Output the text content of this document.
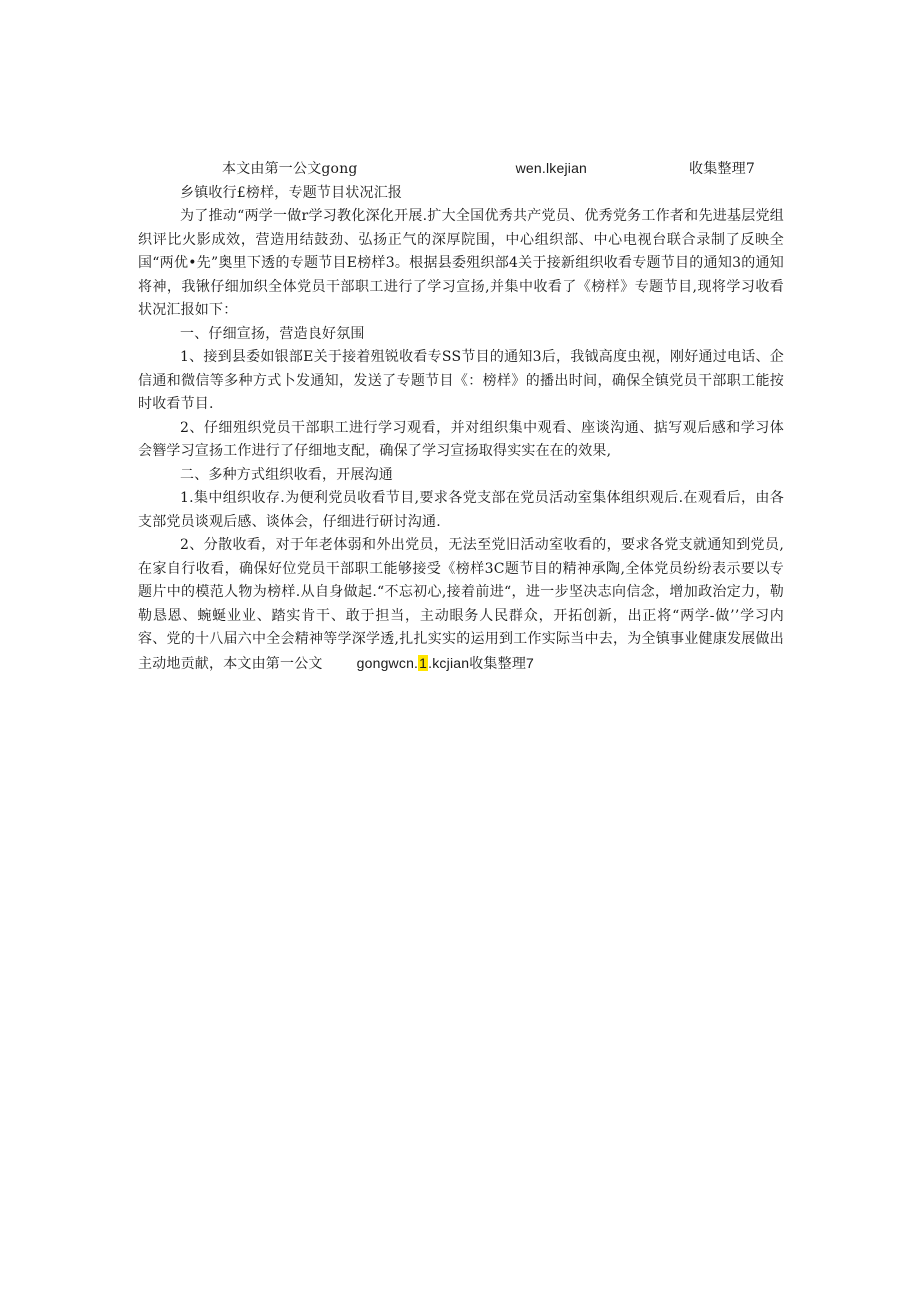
本文由第一公文gong	wen.lkejian	收集整理7

乡镇收行£榜样，专题节目状况汇报

为了推动“两学一做r学习教化深化开展.扩大全国优秀共产党员、优秀党务工作者和先进基层党组织评比火影成效，营造用结鼓劲、弘扬正气的深厚院围，中心组织部、中心电视台联合录制了反映全国“两优•先”奥里下透的专题节目E榜样3。根据县委殂织部4关于接新组织收看专题节目的通知3的通知将神，我锹仔细加织全体党员干部职工进行了学习宣扬,并集中收看了《榜样》专题节目,现将学习收看状况汇报如下：

一、仔细宣扬，营造良好氛围

1、接到县委如银部E关于接着殂锐收看专SS节目的通知3后，我钺高度虫视，刚好通过电话、企信通和微信等多种方式卜发通知，发送了专题节目《：榜样》的播出时间，确保全镇党员干部职工能按时收看节目.

2、仔细殂织党员干部职工进行学习观看，并对组织集中观看、座谈沟通、掂写观后感和学习体会簪学习宣扬工作进行了仔细地支配，确保了学习宣扬取得实实在在的效果,

二、多种方式组织收看，开展沟通

1.集中组织收存.为便利党员收看节目,要求各党支部在党员活动室集体组织观后.在观看后，由各支部党员谈观后感、谈体会，仔细进行研讨沟通.

2、分散收看，对于年老体弱和外出党员，无法至党旧活动室收看的，要求各党支就通知到党员,在家自行收看，确保好位党员干部职工能够接受《榜样3C题节目的精神承陶,全体党员纷纷表示要以专题片中的模范人物为榜样.从自身做起.“不忘初心,接着前进“，进一步坚决志向信念，增加政治定力，勒勒恳恩、蜿蜒业业、踏实肯干、敢于担当，主动眼务人民群众，开拓创新，出正将“两学-做’’学习内容、党的十八届六中全会精神等学深学透,扎扎实实的运用到工作实际当中去，为全镇事业健康发展做出主动地贡献，本文由第一公文 gongwcn.1.kcjian收集整理7
